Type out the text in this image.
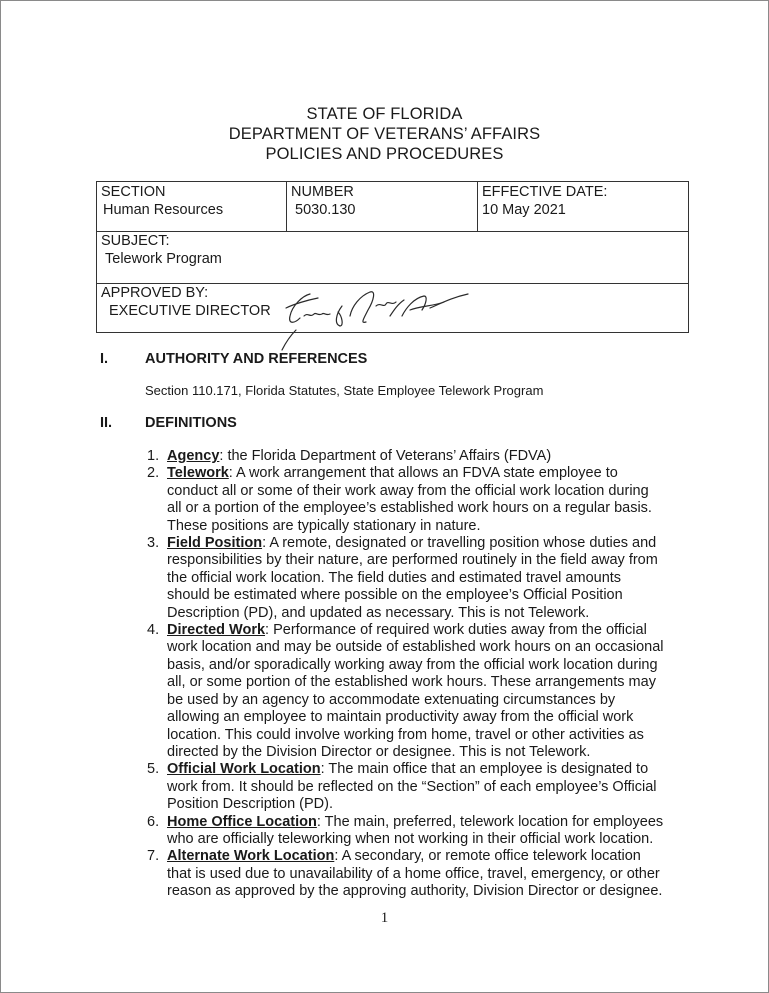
STATE OF FLORIDA
DEPARTMENT OF VETERANS’ AFFAIRS
POLICIES AND PROCEDURES
SECTION
Human Resources
NUMBER
5030.130
EFFECTIVE DATE:
10 May 2021
SUBJECT:
Telework Program
APPROVED BY:
EXECUTIVE DIRECTOR
I.	AUTHORITY AND REFERENCES
Section 110.171, Florida Statutes, State Employee Telework Program
II. DEFINITIONS
1. Agency: the Florida Department of Veterans’ Affairs (FDVA)
2. Telework: A work arrangement that allows an FDVA state employee to
conduct all or some of their work away from the official work location during
all or a portion of the employee’s established work hours on a regular basis.
These positions are typically stationary in nature.
3. Field Position: A remote, designated or travelling position whose duties and
responsibilities by their nature, are performed routinely in the field away from
the official work location. The field duties and estimated travel amounts
should be estimated where possible on the employee’s Official Position
Description (PD), and updated as necessary. This is not Telework.
4. Directed Work: Performance of required work duties away from the official
work location and may be outside of established work hours on an occasional
basis, and/or sporadically working away from the official work location during
all, or some portion of the established work hours. These arrangements may
be used by an agency to accommodate extenuating circumstances by
allowing an employee to maintain productivity away from the official work
location. This could involve working from home, travel or other activities as
directed by the Division Director or designee. This is not Telework.
5. Official Work Location: The main office that an employee is designated to
work from. It should be reflected on the “Section” of each employee’s Official
Position Description (PD).
6. Home Office Location: The main, preferred, telework location for employees
who are officially teleworking when not working in their official work location.
7. Alternate Work Location: A secondary, or remote office telework location
that is used due to unavailability of a home office, travel, emergency, or other
reason as approved by the approving authority, Division Director or designee.
1
